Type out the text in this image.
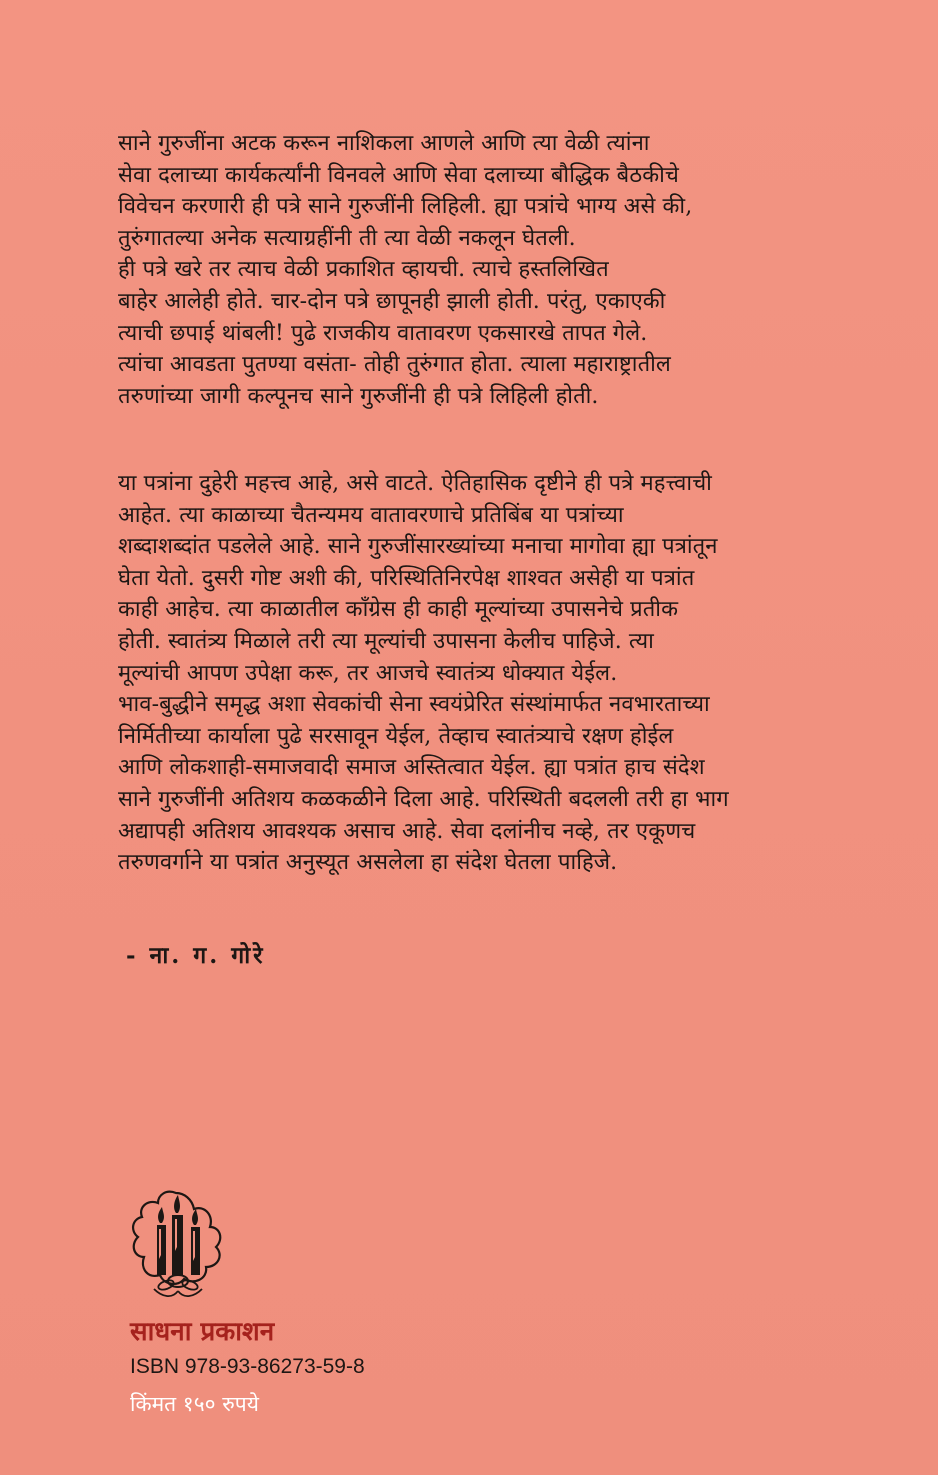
साने गुरुजींना अटक करून नाशिकला आणले आणि त्या वेळी त्यांना
सेवा दलाच्या कार्यकर्त्यांनी विनवले आणि सेवा दलाच्या बौद्धिक बैठकीचे
विवेचन करणारी ही पत्रे साने गुरुजींनी लिहिली. ह्या पत्रांचे भाग्य असे की,
तुरुंगातल्या अनेक सत्याग्रहींनी ती त्या वेळी नकलून घेतली.
ही पत्रे खरे तर त्याच वेळी प्रकाशित व्हायची. त्याचे हस्तलिखित
बाहेर आलेही होते. चार-दोन पत्रे छापूनही झाली होती. परंतु, एकाएकी
त्याची छपाई थांबली! पुढे राजकीय वातावरण एकसारखे तापत गेले.
त्यांचा आवडता पुतण्या वसंता- तोही तुरुंगात होता. त्याला महाराष्ट्रातील
तरुणांच्या जागी कल्पूनच साने गुरुजींनी ही पत्रे लिहिली होती.
या पत्रांना दुहेरी महत्त्व आहे, असे वाटते. ऐतिहासिक दृष्टीने ही पत्रे महत्त्वाची
आहेत. त्या काळाच्या चैतन्यमय वातावरणाचे प्रतिबिंब या पत्रांच्या
शब्दाशब्दांत पडलेले आहे. साने गुरुजींसारख्यांच्या मनाचा मागोवा ह्या पत्रांतून
घेता येतो. दुसरी गोष्ट अशी की, परिस्थितिनिरपेक्ष शाश्वत असेही या पत्रांत
काही आहेच. त्या काळातील काँग्रेस ही काही मूल्यांच्या उपासनेचे प्रतीक
होती. स्वातंत्र्य मिळाले तरी त्या मूल्यांची उपासना केलीच पाहिजे. त्या
मूल्यांची आपण उपेक्षा करू, तर आजचे स्वातंत्र्य धोक्यात येईल.
भाव-बुद्धीने समृद्ध अशा सेवकांची सेना स्वयंप्रेरित संस्थांमार्फत नवभारताच्या
निर्मितीच्या कार्याला पुढे सरसावून येईल, तेव्हाच स्वातंत्र्याचे रक्षण होईल
आणि लोकशाही-समाजवादी समाज अस्तित्वात येईल. ह्या पत्रांत हाच संदेश
साने गुरुजींनी अतिशय कळकळीने दिला आहे. परिस्थिती बदलली तरी हा भाग
अद्यापही अतिशय आवश्यक असाच आहे. सेवा दलांनीच नव्हे, तर एकूणच
तरुणवर्गाने या पत्रांत अनुस्यूत असलेला हा संदेश घेतला पाहिजे.
- ना. ग. गोरे
साधना प्रकाशन
ISBN 978-93-86273-59-8
किंमत १५० रुपये
